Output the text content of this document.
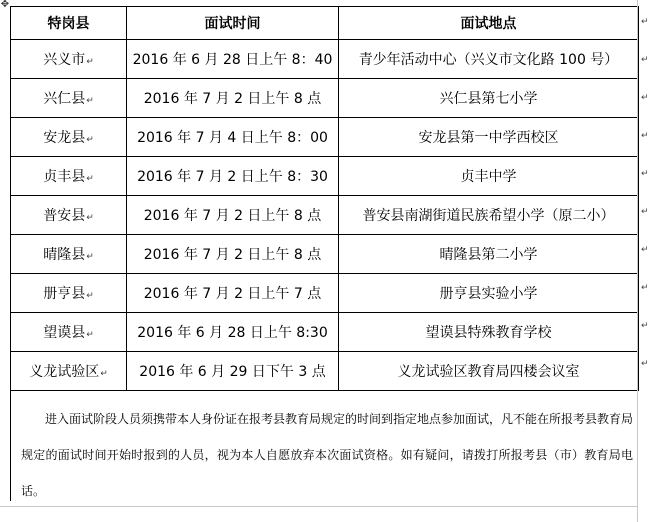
✥
特岗县	面试时间	面试地点
兴义市↵	2016 年 6 月 28 日上午 8：40	青少年活动中心（兴义市文化路 100 号）
兴仁县↵	2016 年 7 月 2 日上午 8 点	兴仁县第七小学
安龙县↵	2016 年 7 月 4 日上午 8：00	安龙县第一中学西校区
贞丰县↵	2016 年 7 月 2 日上午 8：30	贞丰中学
普安县↵	2016 年 7 月 2 日上午 8 点	普安县南湖街道民族希望小学（原二小）
晴隆县↵	2016 年 7 月 2 日上午 8 点	晴隆县第二小学
册亨县↵	2016 年 7 月 2 日上午 7 点	册亨县实验小学
望谟县↵	2016 年 6 月 28 日上午 8:30	望谟县特殊教育学校
义龙试验区↵	2016 年 6 月 29 日下午 3 点	义龙试验区教育局四楼会议室
↵
↵
↵
↵
↵
↵
↵
↵
↵
↵
进入面试阶段人员须携带本人身份证在报考县教育局规定的时间到指定地点参加面试，凡不能在所报考县教育局规定的面试时间开始时报到的人员，视为本人自愿放弃本次面试资格。如有疑问，请拨打所报考县（市）教育局电话。
